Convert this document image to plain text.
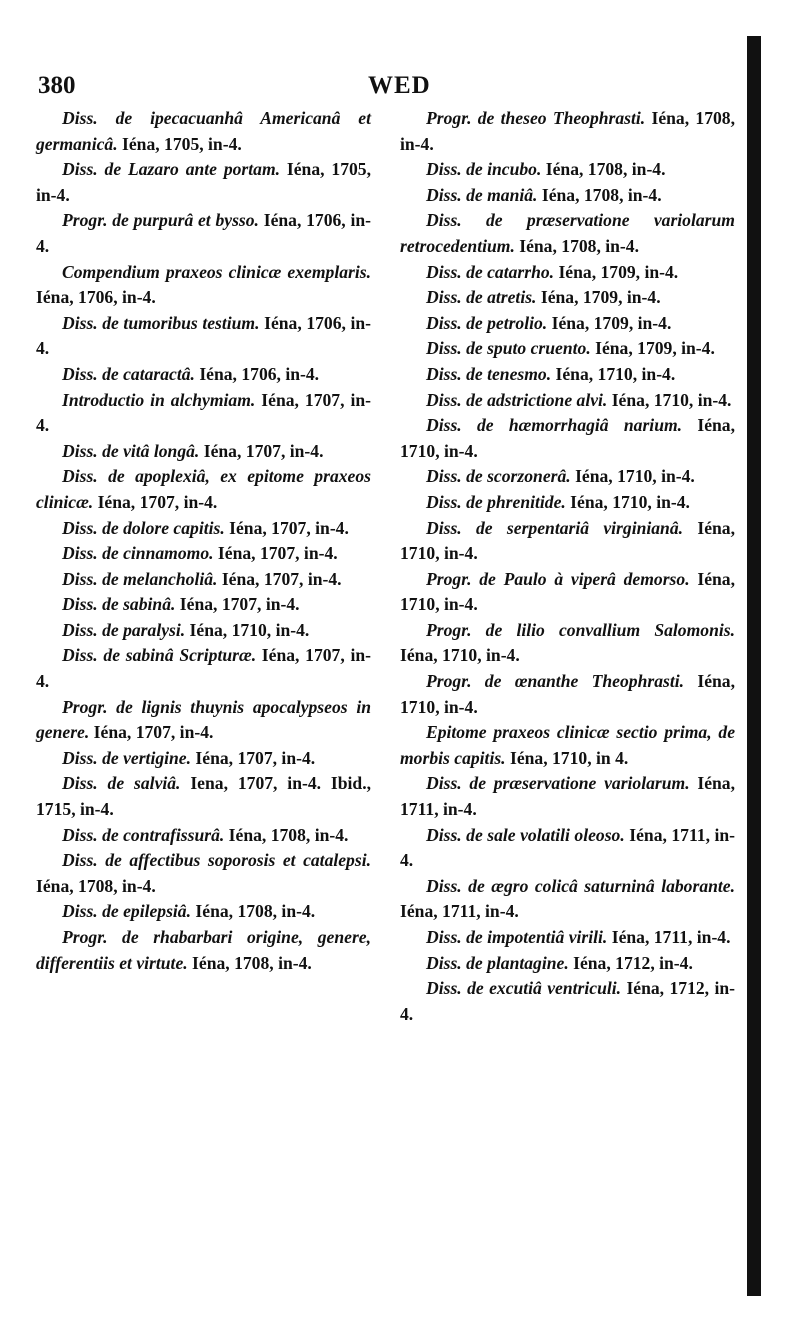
380	WED
Diss. de ipecacuanhâ Americanâ et germanicâ. Iéna, 1705, in-4.
Diss. de Lazaro ante portam. Iéna, 1705, in-4.
Progr. de purpurâ et bysso. Iéna, 1706, in-4.
Compendium praxeos clinicæ exemplaris. Iéna, 1706, in-4.
Diss. de tumoribus testium. Iéna, 1706, in-4.
Diss. de cataractâ. Iéna, 1706, in-4.
Introductio in alchymiam. Iéna, 1707, in-4.
Diss. de vitâ longâ. Iéna, 1707, in-4.
Diss. de apoplexiâ, ex epitome praxeos clinicæ. Iéna, 1707, in-4.
Diss. de dolore capitis. Iéna, 1707, in-4.
Diss. de cinnamomo. Iéna, 1707, in-4.
Diss. de melancholiâ. Iéna, 1707, in-4.
Diss. de sabinâ. Iéna, 1707, in-4.
Diss. de paralysi. Iéna, 1710, in-4.
Diss. de sabinâ Scripturæ. Iéna, 1707, in-4.
Progr. de lignis thuynis apocalypseos in genere. Iéna, 1707, in-4.
Diss. de vertigine. Iéna, 1707, in-4.
Diss. de salviâ. Iena, 1707, in-4. Ibid., 1715, in-4.
Diss. de contrafissurâ. Iéna, 1708, in-4.
Diss. de affectibus soporosis et catalepsi. Iéna, 1708, in-4.
Diss. de epilepsiâ. Iéna, 1708, in-4.
Progr. de rhabarbari origine, genere, differentiis et virtute. Iéna, 1708, in-4.
Progr. de theseo Theophrasti. Iéna, 1708, in-4.
Diss. de incubo. Iéna, 1708, in-4.
Diss. de maniâ. Iéna, 1708, in-4.
Diss. de præservatione variolarum retrocedentium. Iéna, 1708, in-4.
Diss. de catarrho. Iéna, 1709, in-4.
Diss. de atretis. Iéna, 1709, in-4.
Diss. de petrolio. Iéna, 1709, in-4.
Diss. de sputo cruento. Iéna, 1709, in-4.
Diss. de tenesmo. Iéna, 1710, in-4.
Diss. de adstrictione alvi. Iéna, 1710, in-4.
Diss. de hæmorrhagiâ narium. Iéna, 1710, in-4.
Diss. de scorzonerâ. Iéna, 1710, in-4.
Diss. de phrenitide. Iéna, 1710, in-4.
Diss. de serpentariâ virginianâ. Iéna, 1710, in-4.
Progr. de Paulo à viperâ demorso. Iéna, 1710, in-4.
Progr. de lilio convallium Salomonis. Iéna, 1710, in-4.
Progr. de œnanthe Theophrasti. Iéna, 1710, in-4.
Epitome praxeos clinicæ sectio prima, de morbis capitis. Iéna, 1710, in 4.
Diss. de præservatione variolarum. Iéna, 1711, in-4.
Diss. de sale volatili oleoso. Iéna, 1711, in-4.
Diss. de ægro colicâ saturninâ laborante. Iéna, 1711, in-4.
Diss. de impotentiâ virili. Iéna, 1711, in-4.
Diss. de plantagine. Iéna, 1712, in-4.
Diss. de excutiâ ventriculi. Iéna, 1712, in-4.
